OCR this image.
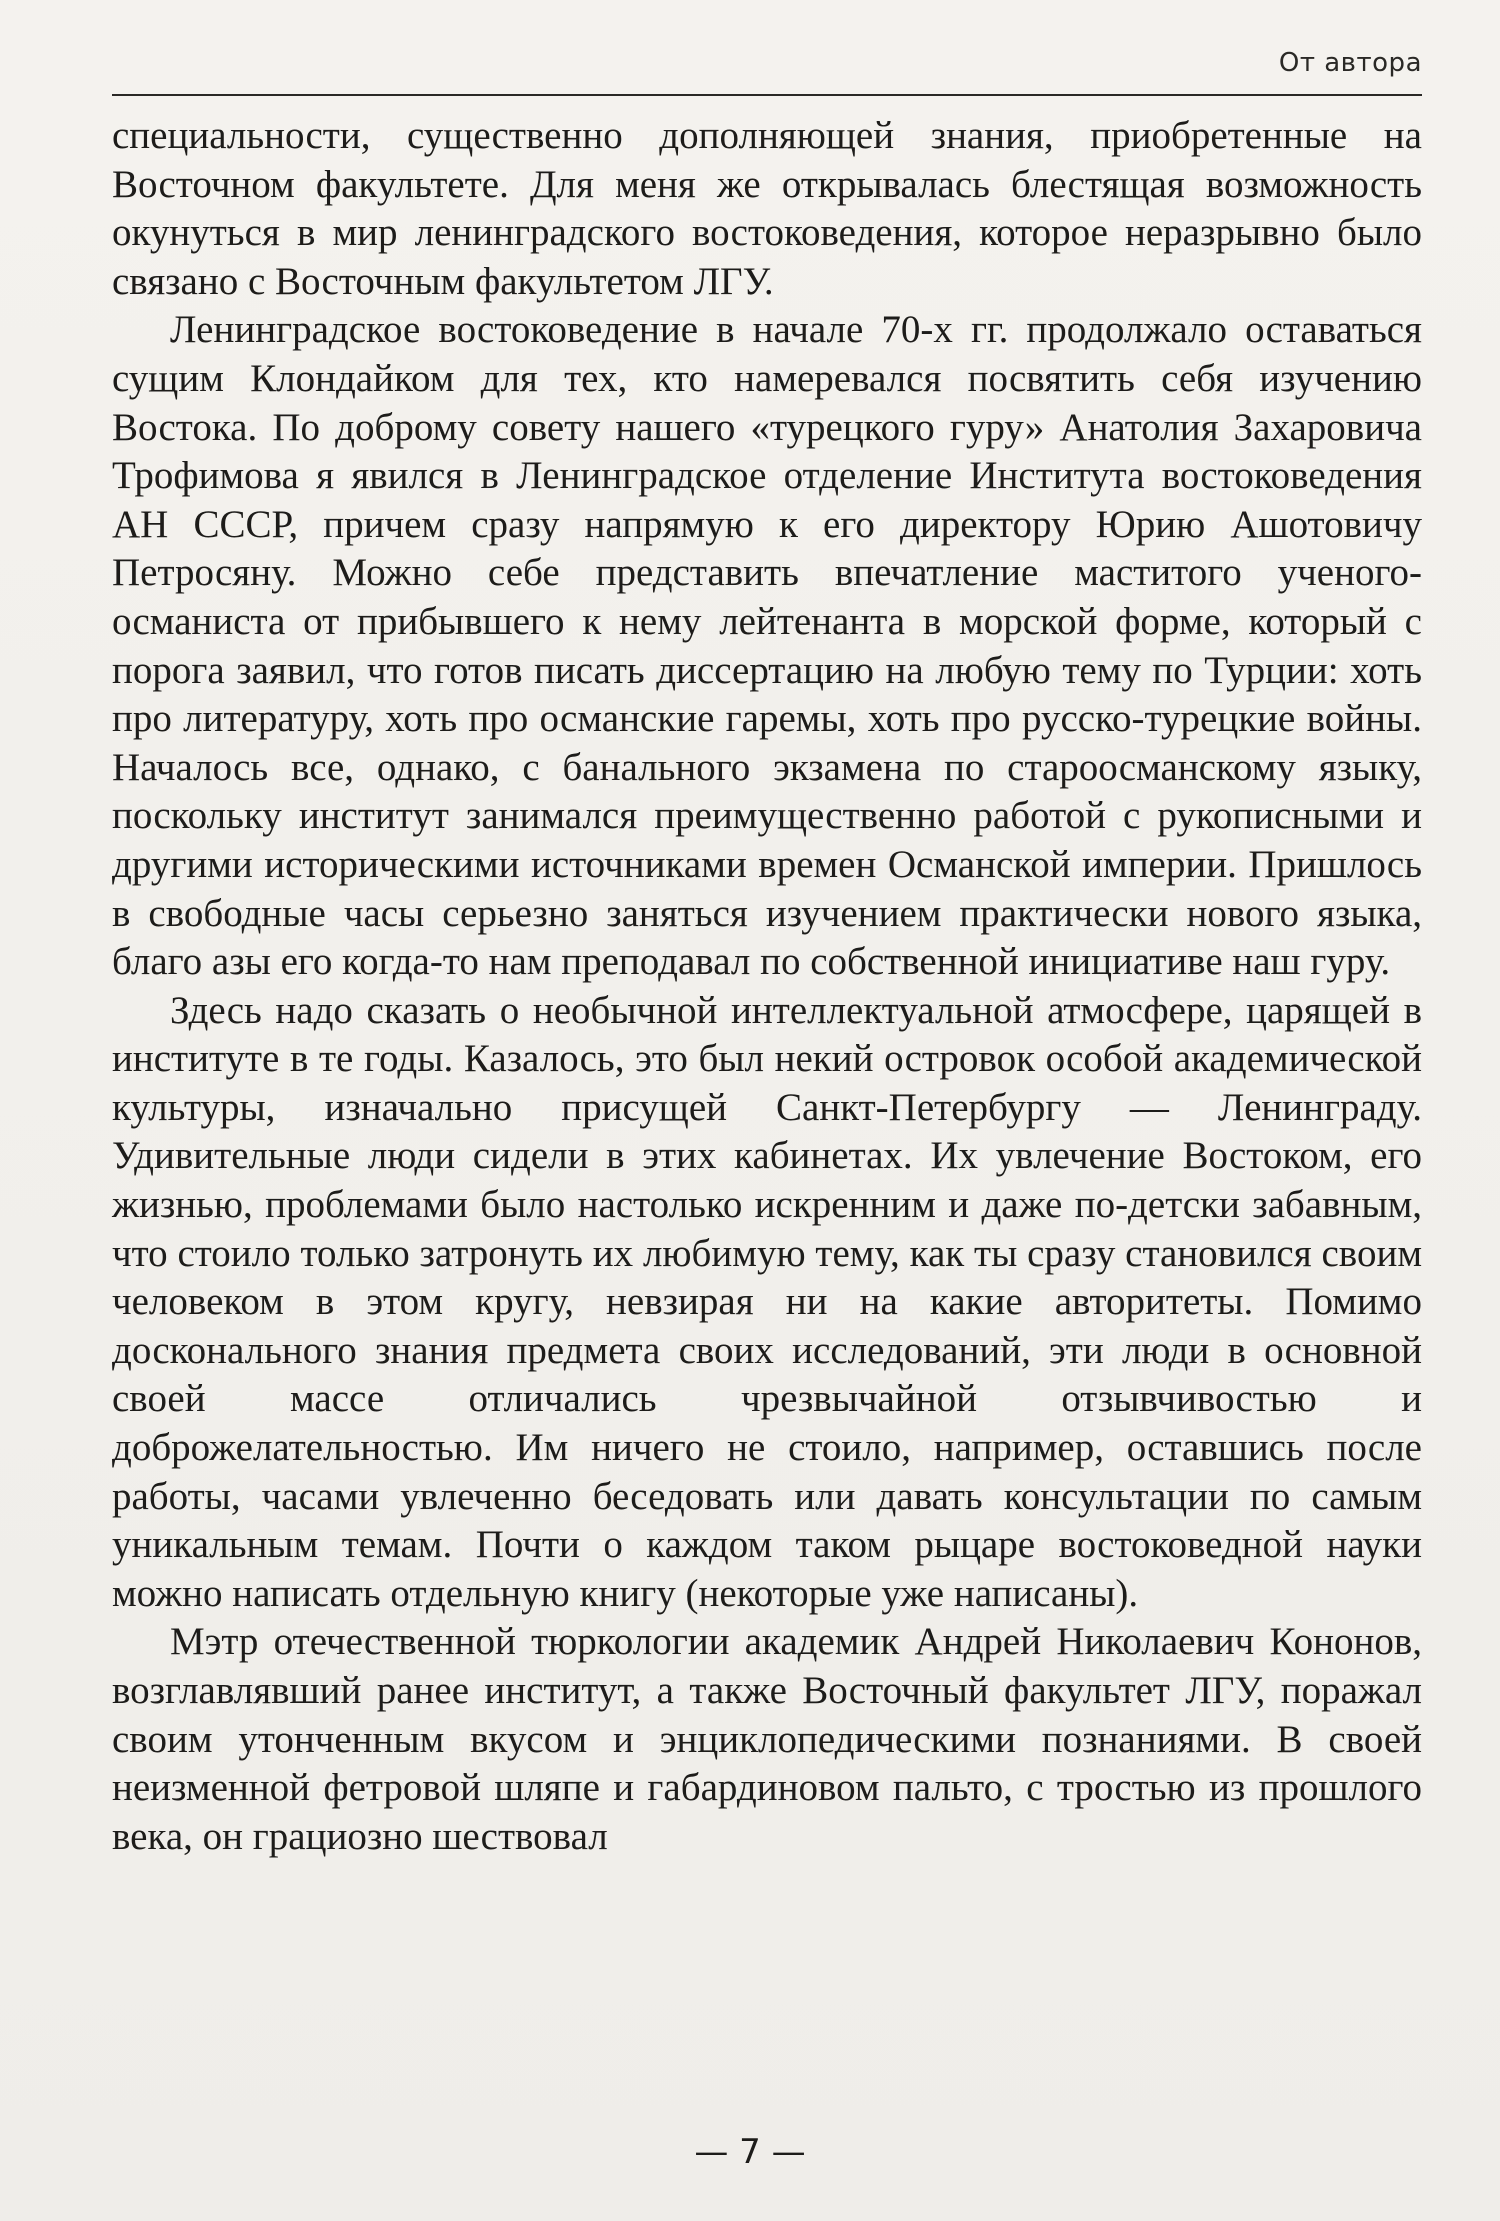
От автора

специальности, существенно дополняющей знания, приобретенные на Восточном факультете. Для меня же открывалась блестящая возможность окунуться в мир ленинградского востоковедения, которое неразрывно было связано с Восточным факультетом ЛГУ.

Ленинградское востоковедение в начале 70-х гг. продолжало оставаться сущим Клондайком для тех, кто намеревался посвятить себя изучению Востока. По доброму совету нашего «турецкого гуру» Анатолия Захаровича Трофимова я явился в Ленинградское отделение Института востоковедения АН СССР, причем сразу напрямую к его директору Юрию Ашотовичу Петросяну. Можно себе представить впечатление маститого ученого-османиста от прибывшего к нему лейтенанта в морской форме, который с порога заявил, что готов писать диссертацию на любую тему по Турции: хоть про литературу, хоть про османские гаремы, хоть про русско-турецкие войны. Началось все, однако, с банального экзамена по староосманскому языку, поскольку институт занимался преимущественно работой с рукописными и другими историческими источниками времен Османской империи. Пришлось в свободные часы серьезно заняться изучением практически нового языка, благо азы его когда-то нам преподавал по собственной инициативе наш гуру.

Здесь надо сказать о необычной интеллектуальной атмосфере, царящей в институте в те годы. Казалось, это был некий островок особой академической культуры, изначально присущей Санкт-Петербургу — Ленинграду. Удивительные люди сидели в этих кабинетах. Их увлечение Востоком, его жизнью, проблемами было настолько искренним и даже по-детски забавным, что стоило только затронуть их любимую тему, как ты сразу становился своим человеком в этом кругу, невзирая ни на какие авторитеты. Помимо досконального знания предмета своих исследований, эти люди в основной своей массе отличались чрезвычайной отзывчивостью и доброжелательностью. Им ничего не стоило, например, оставшись после работы, часами увлеченно беседовать или давать консультации по самым уникальным темам. Почти о каждом таком рыцаре востоковедной науки можно написать отдельную книгу (некоторые уже написаны).

Мэтр отечественной тюркологии академик Андрей Николаевич Кононов, возглавлявший ранее институт, а также Восточный факультет ЛГУ, поражал своим утонченным вкусом и энциклопедическими познаниями. В своей неизменной фетровой шляпе и габардиновом пальто, с тростью из прошлого века, он грациозно шествовал

— 7 —
